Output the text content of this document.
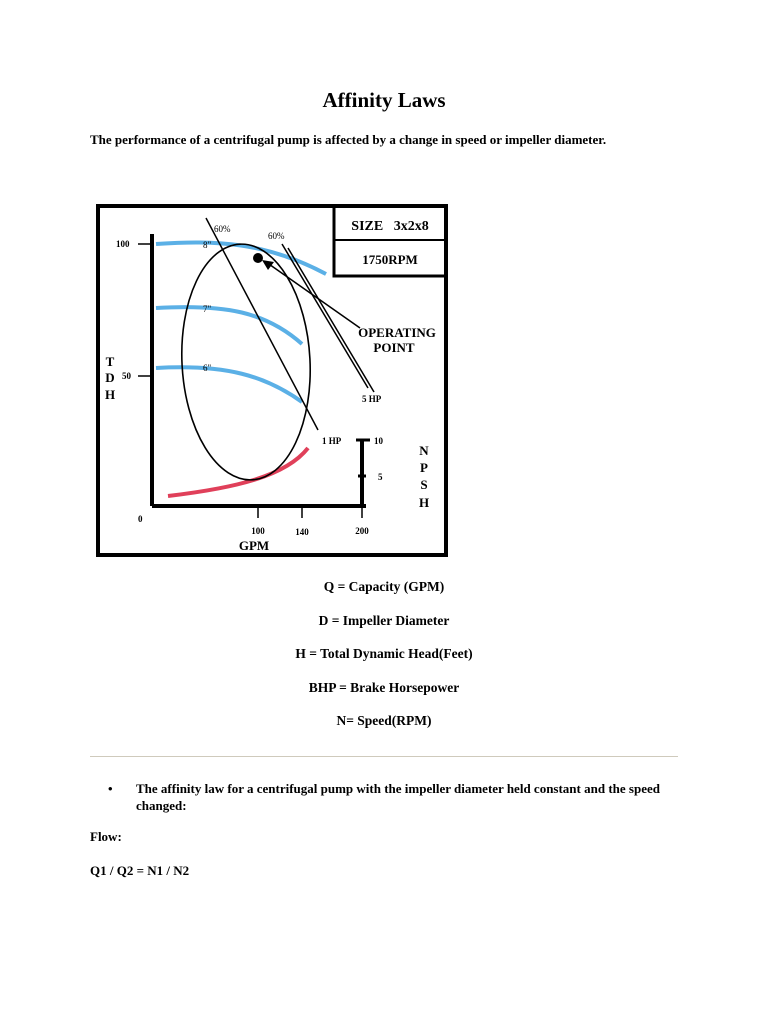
Affinity Laws
The performance of a centrifugal pump is affected by a change in speed or impeller diameter.
SIZE   3x2x8
1750RPM
60%
60%
8"
7"
6"
OPERATING
POINT
5 HP
1 HP
100
50
0
T
D
H
100	140	200
GPM
10
5
N
P
S
H
Q = Capacity (GPM)
D = Impeller Diameter
H = Total Dynamic Head(Feet)
BHP = Brake Horsepower
N= Speed(RPM)
• The affinity law for a centrifugal pump with the impeller diameter held constant and the speed changed:
Flow:
Q1 / Q2 = N1 / N2
